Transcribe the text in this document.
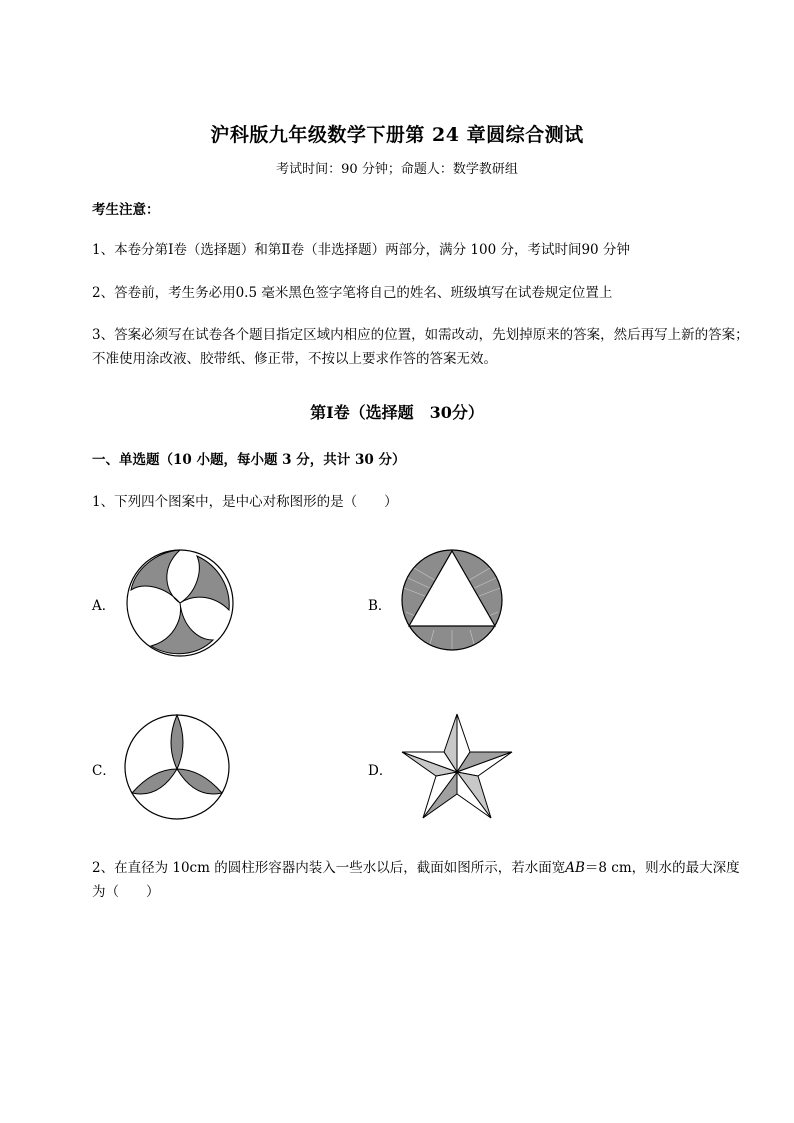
沪科版九年级数学下册第 24 章圆综合测试
考试时间：90 分钟；命题人：数学教研组
考生注意：
1、本卷分第Ⅰ卷（选择题）和第Ⅱ卷（非选择题）两部分，满分 100 分，考试时间90 分钟
2、答卷前，考生务必用0.5 毫米黑色签字笔将自己的姓名、班级填写在试卷规定位置上
3、答案必须写在试卷各个题目指定区域内相应的位置，如需改动，先划掉原来的答案，然后再写上新的答案；不准使用涂改液、胶带纸、修正带，不按以上要求作答的答案无效。
第Ⅰ卷（选择题　30分）
一、单选题（10 小题，每小题 3 分，共计 30 分）
1、下列四个图案中，是中心对称图形的是（　　）
A．	B．
C．	D．
2、在直径为 10cm 的圆柱形容器内装入一些水以后，截面如图所示，若水面宽AB＝8 cm，则水的最大深度为（　　）
